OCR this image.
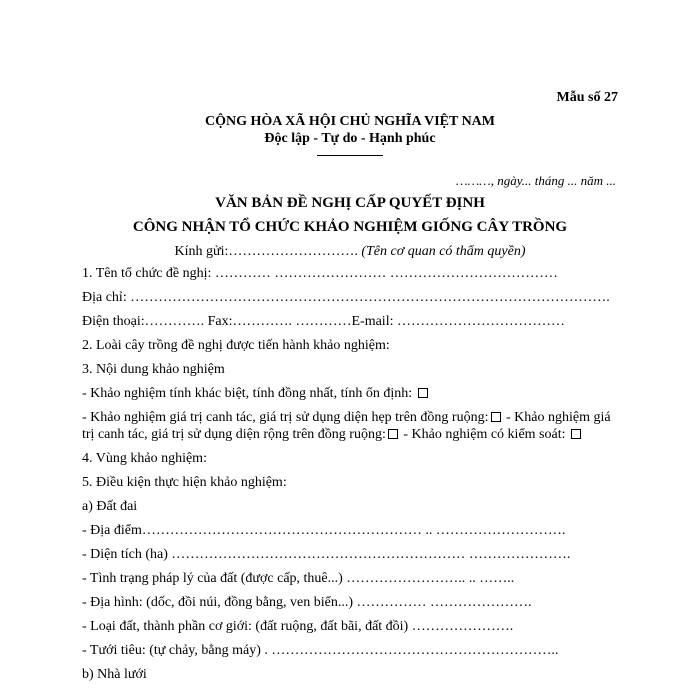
Mẫu số 27
CỘNG HÒA XÃ HỘI CHỦ NGHĨA VIỆT NAM
Độc lập - Tự do - Hạnh phúc
………, ngày... tháng ... năm ...
VĂN BẢN ĐỀ NGHỊ CẤP QUYẾT ĐỊNH
CÔNG NHẬN TỔ CHỨC KHẢO NGHIỆM GIỐNG CÂY TRỒNG
Kính gửi:………………………. (Tên cơ quan có thẩm quyền)

1. Tên tổ chức đề nghị: ………… …………………… ………………………………

Địa chỉ: ………………………………………………………………………………………….

Điện thoại:…………. Fax:…………. …………E-mail: ………………………………

2. Loài cây trồng đề nghị được tiến hành khảo nghiệm:

3. Nội dung khảo nghiệm

- Khảo nghiệm tính khác biệt, tính đồng nhất, tính ổn định:

- Khảo nghiệm giá trị canh tác, giá trị sử dụng diện hẹp trên đồng ruộng: - Khảo nghiệm giá trị canh tác, giá trị sử dụng diện rộng trên đồng ruộng: - Khảo nghiệm có kiểm soát:

4. Vùng khảo nghiệm:

5. Điều kiện thực hiện khảo nghiệm:

a) Đất đai

- Địa điểm…………………………………………………… .. ……………………….

- Diện tích (ha) ……………………………………………………… ………………….

- Tình trạng pháp lý của đất (được cấp, thuê...) …………………….. .. ……..

- Địa hình: (dốc, đồi núi, đồng bằng, ven biển...) …………… ………………….

- Loại đất, thành phần cơ giới: (đất ruộng, đất bãi, đất đồi) ………………….

- Tưới tiêu: (tự chảy, bằng máy) . ……………………………………………………..

b) Nhà lưới
